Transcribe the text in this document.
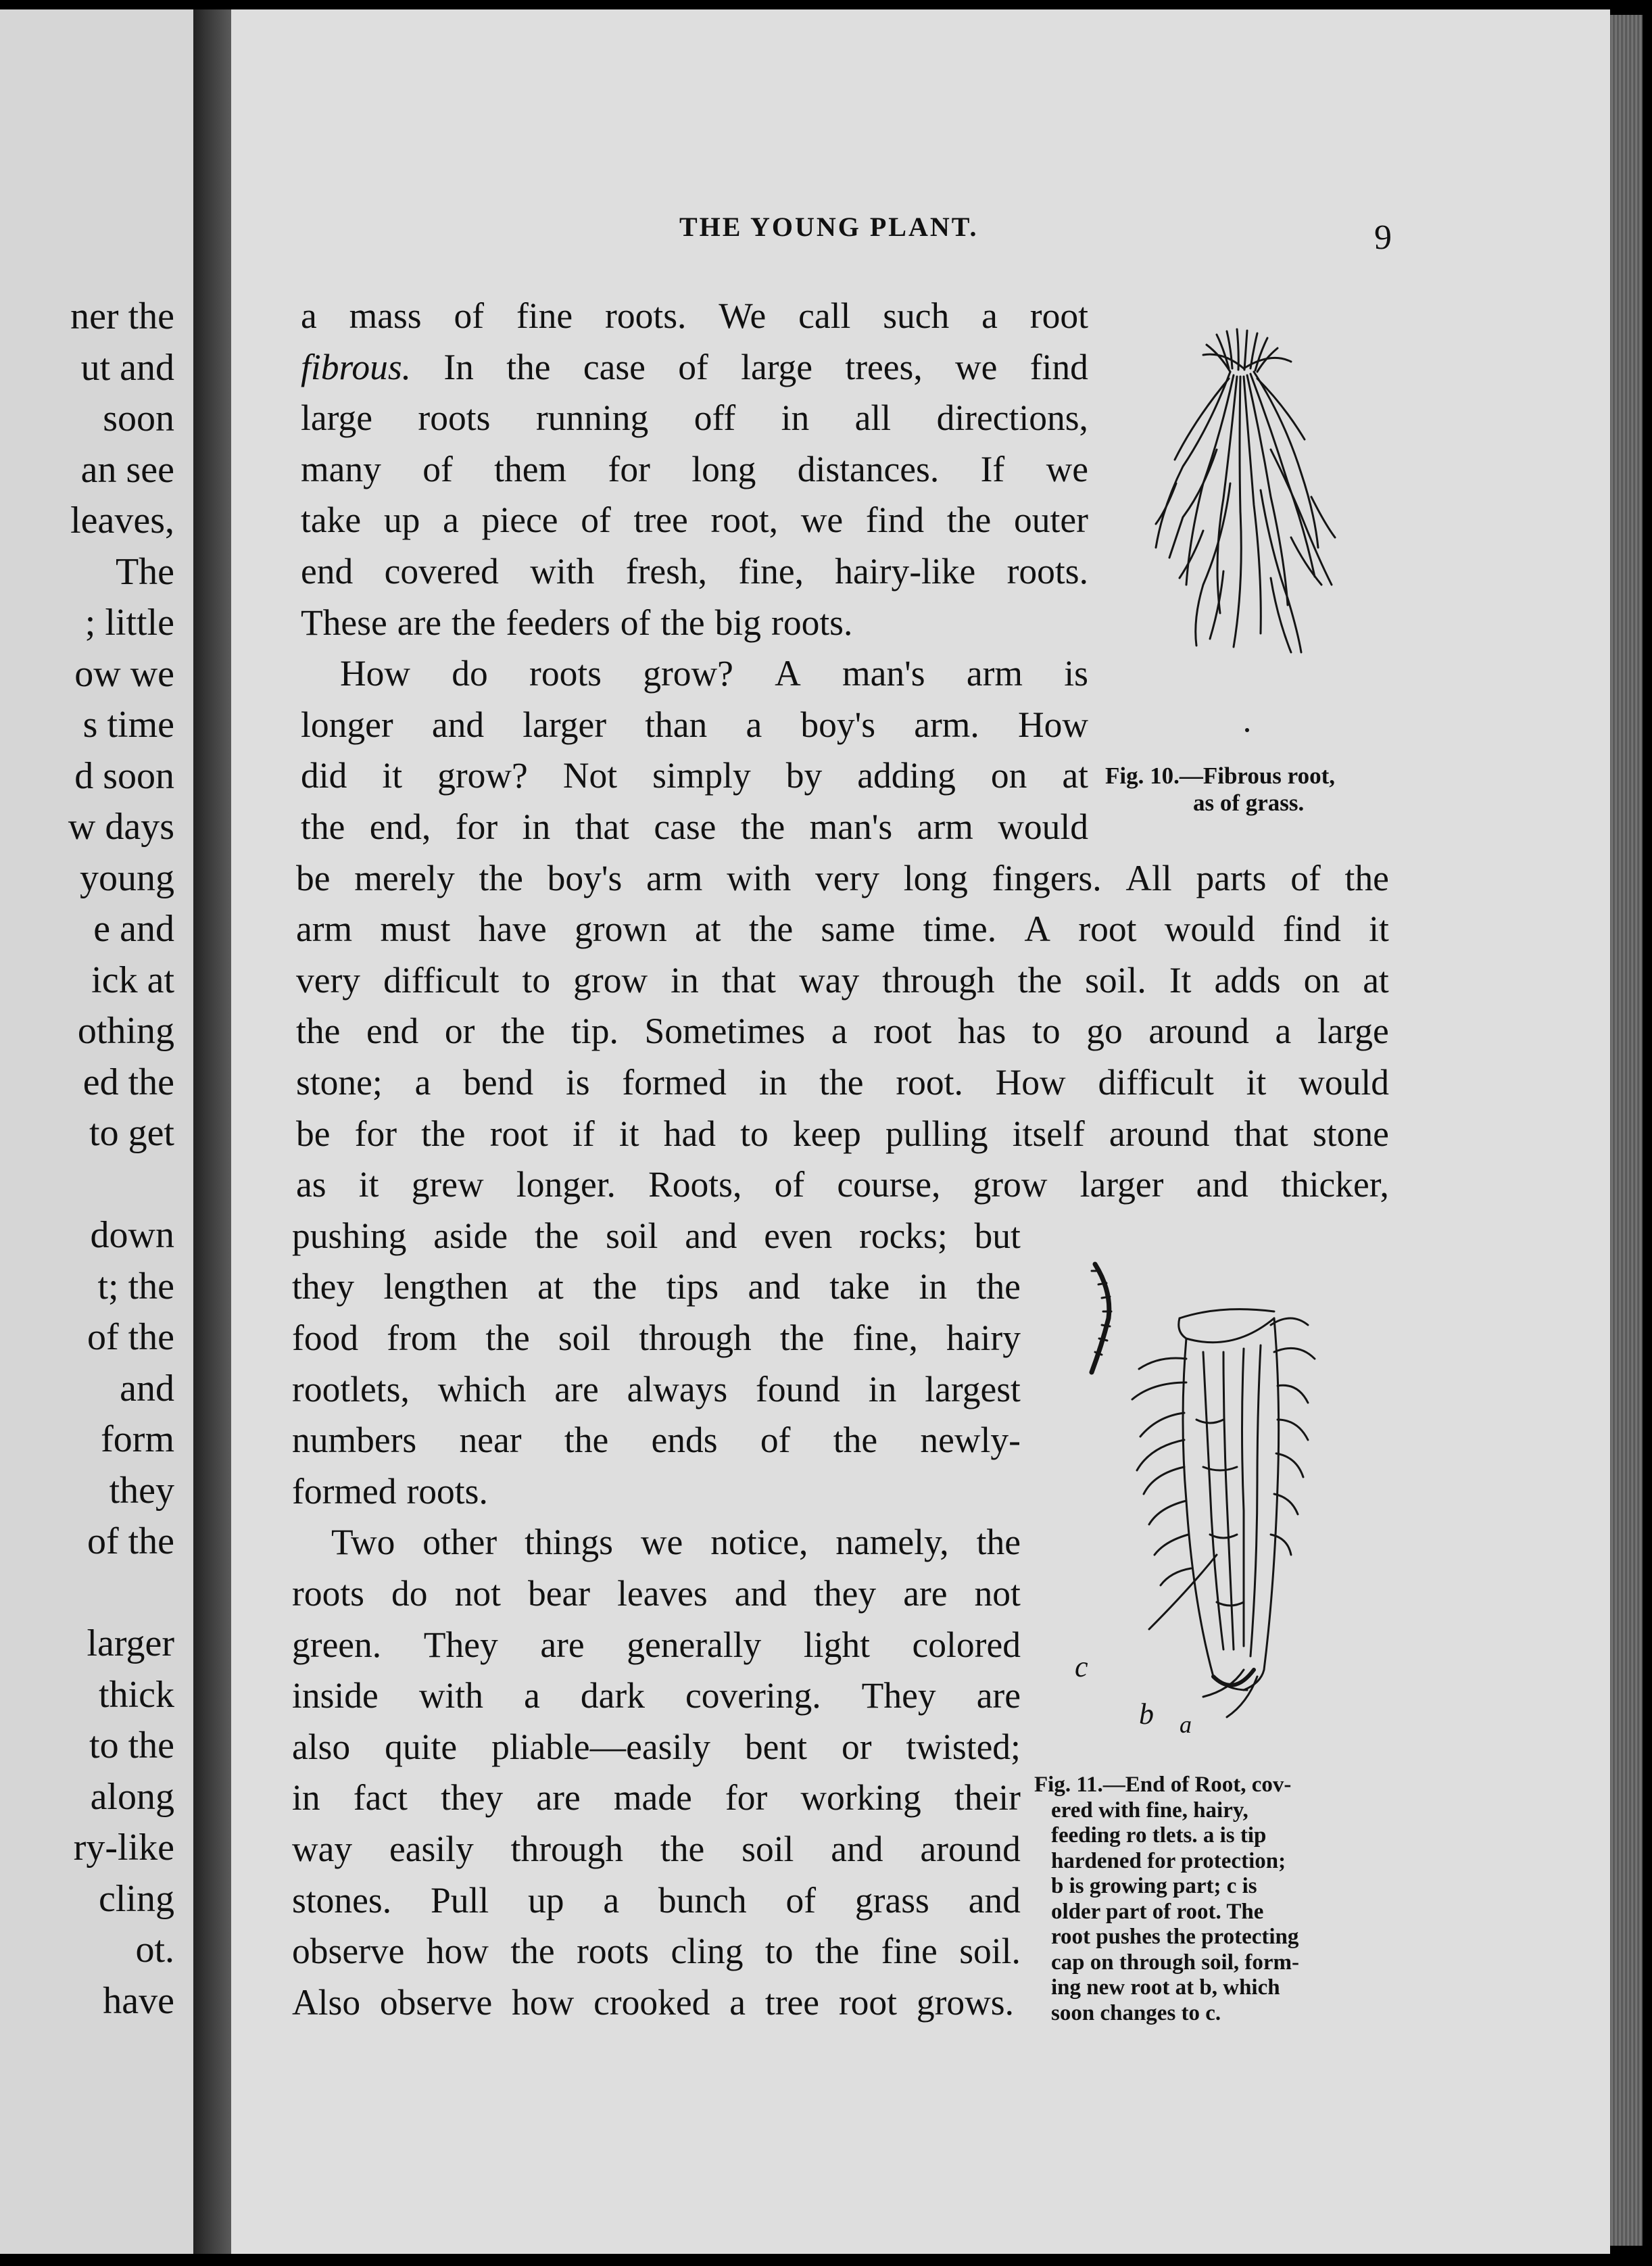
ner the
ut and
soon
an see
leaves,
The
; little
ow we
s time
d soon
w days
young
e and
ick at
othing
ed the
to get
down
t; the
of the
and
form
they
of the
larger
thick
to the
along
ry-like
cling
ot.
have
THE YOUNG PLANT.	9
a mass of fine roots. We call such a root
fibrous. In the case of large trees, we find
large roots running off in all directions,
many of them for long distances. If we
take up a piece of tree root, we find the outer
end covered with fresh, fine, hairy-like roots.
These are the feeders of the big roots.
How do roots grow? A man's arm is
longer and larger than a boy's arm. How
did it grow? Not simply by adding on at
the end, for in that case the man's arm would
be merely the boy's arm with very long fingers. All parts of the
arm must have grown at the same time. A root would find it
very difficult to grow in that way through the soil. It adds on at
the end or the tip. Sometimes a root has to go around a large
stone; a bend is formed in the root. How difficult it would
be for the root if it had to keep pulling itself around that stone
as it grew longer. Roots, of course, grow larger and thicker,
pushing aside the soil and even rocks; but
they lengthen at the tips and take in the
food from the soil through the fine, hairy
rootlets, which are always found in largest
numbers near the ends of the newly-
formed roots.
Two other things we notice, namely, the
roots do not bear leaves and they are not
green. They are generally light colored
inside with a dark covering. They are
also quite pliable—easily bent or twisted;
in fact they are made for working their
way easily through the soil and around
stones. Pull up a bunch of grass and
observe how the roots cling to the fine soil.
Also observe how crooked a tree root grows.
Fig. 10.—Fibrous root,
as of grass.
c
b a
Fig. 11.—End of Root, cov-
ered with fine, hairy,
feeding ro tlets. a is tip
hardened for protection;
b is growing part; c is
older part of root. The
root pushes the protecting
cap on through soil, form-
ing new root at b, which
soon changes to c.
